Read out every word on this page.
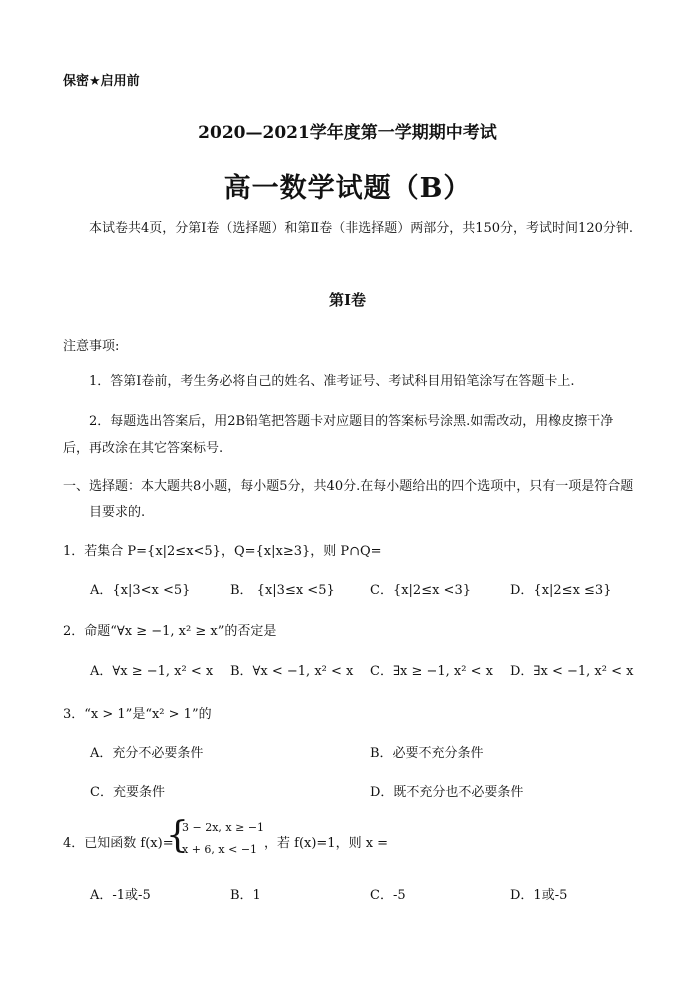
保密★启用前
2020—2021学年度第一学期期中考试
高一数学试题（B）
本试卷共4页，分第Ⅰ卷（选择题）和第Ⅱ卷（非选择题）两部分，共150分，考试时间120分钟.
第Ⅰ卷
注意事项:
1．答第Ⅰ卷前，考生务必将自己的姓名、准考证号、考试科目用铅笔涂写在答题卡上.
2．每题选出答案后，用2B铅笔把答题卡对应题目的答案标号涂黑.如需改动，用橡皮擦干净后，再改涂在其它答案标号.
一、选择题：本大题共8小题，每小题5分，共40分.在每小题给出的四个选项中，只有一项是符合题目要求的.
1．若集合 P={x|2≤x<5}，Q={x|x≥3}，则 P∩Q=
A．{x|3<x <5}	B． {x|3≤x <5}	C．{x|2≤x <3}	D．{x|2≤x ≤3}
2．命题“∀x ≥ −1, x² ≥ x”的否定是
A．∀x ≥ −1, x² < x B．∀x < −1, x² < x C．∃x ≥ −1, x² < x D．∃x < −1, x² < x
3．“x > 1”是“x² > 1”的
A．充分不必要条件	B．必要不充分条件
C．充要条件	D．既不充分也不必要条件
4．已知函数 f(x)=
{
3 − 2x, x ≥ −1
x + 6, x < −1 ，若 f(x)=1，则 x =
A．-1或-5	B．1	C．-5	D．1或-5
